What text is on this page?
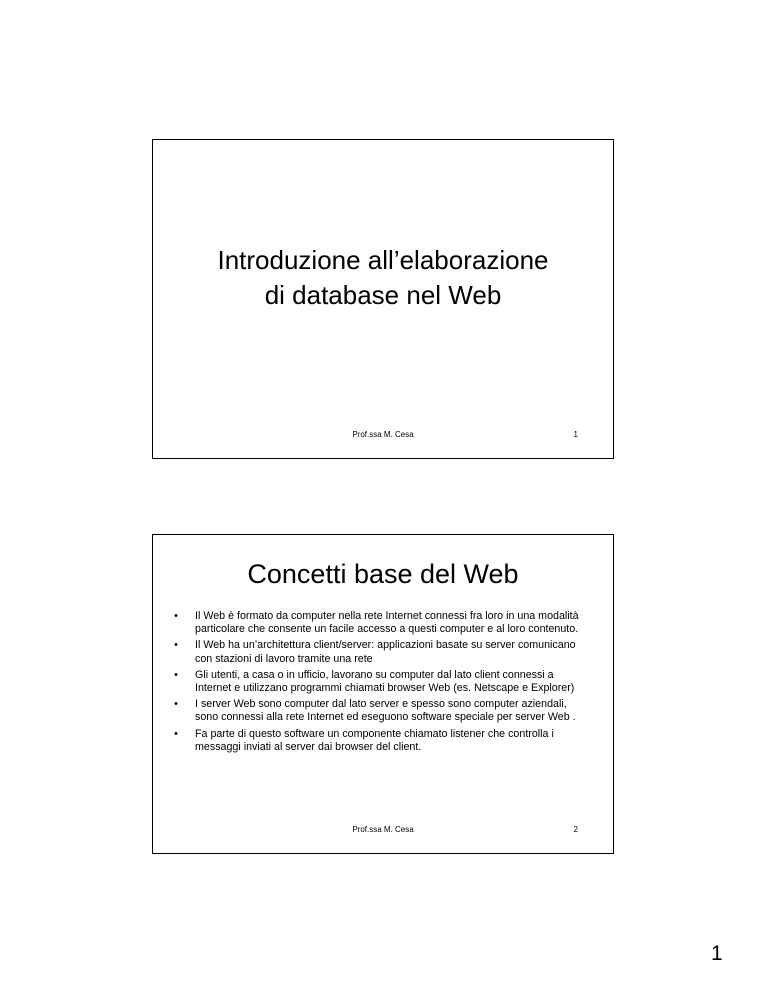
Introduzione all’elaborazione
di database nel Web
Prof.ssa M. Cesa	1
Concetti base del Web
• Il Web è formato da computer nella rete Internet connessi fra loro in una modalità particolare che consente un facile accesso a questi computer e al loro contenuto.
• Il Web ha un’architettura client/server: applicazioni basate su server comunicano con stazioni di lavoro tramite una rete
• Gli utenti, a casa o in ufficio, lavorano su computer dal lato client connessi a Internet e utilizzano programmi chiamati browser Web (es. Netscape e Explorer)
• I server Web sono computer dal lato server e spesso sono computer aziendali, sono connessi alla rete Internet ed eseguono software speciale per server Web .
• Fa parte di questo software un componente chiamato listener che controlla i messaggi inviati al server dai browser del client.
Prof.ssa M. Cesa	2
1
